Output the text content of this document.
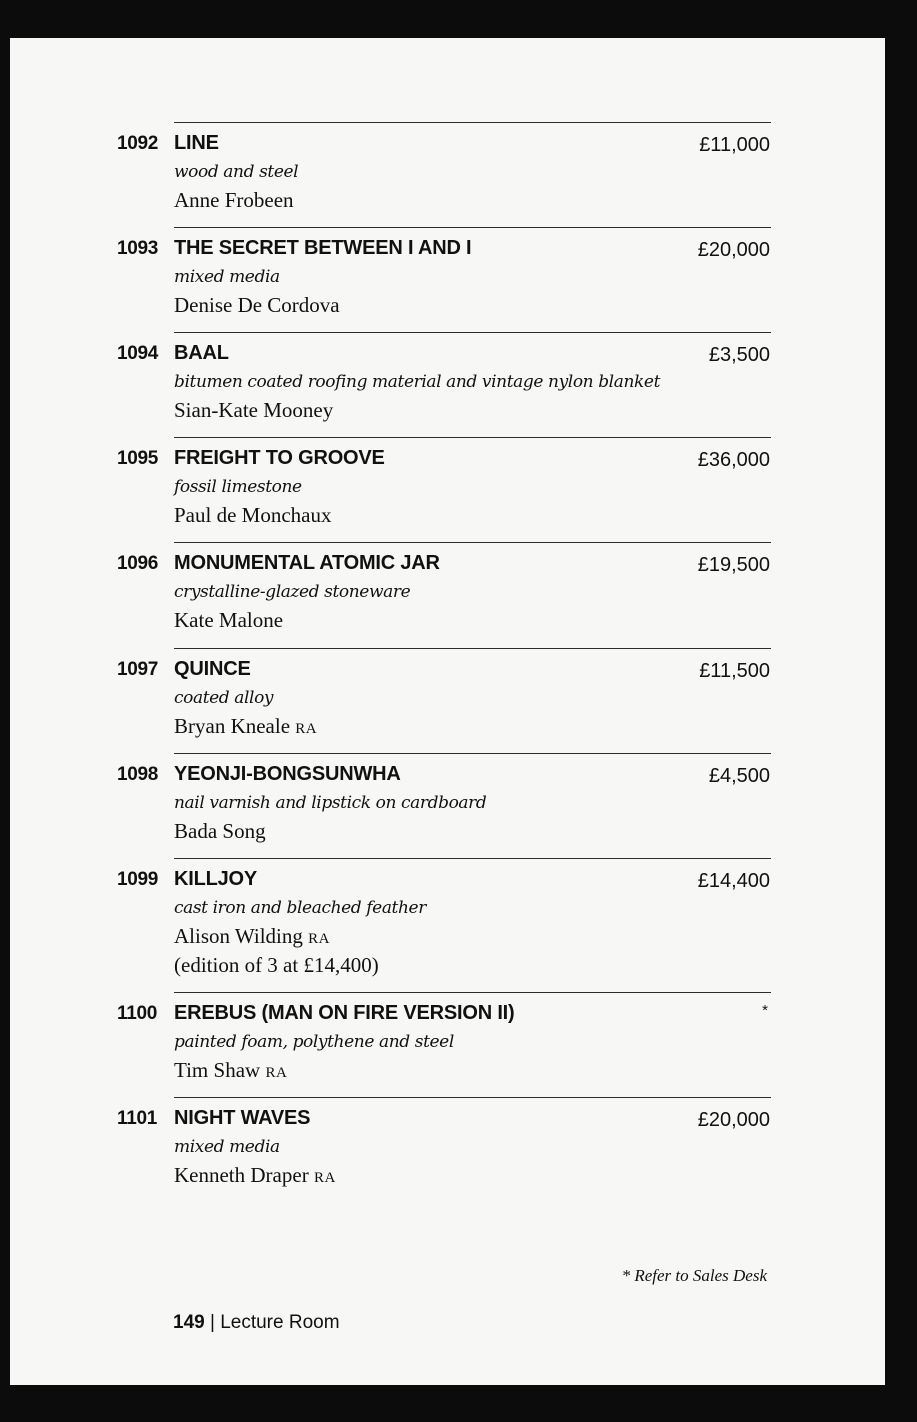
1092 LINE	£11,000
wood and steel
Anne Frobeen
1093 THE SECRET BETWEEN I AND I	£20,000
mixed media
Denise De Cordova
1094 BAAL	£3,500
bitumen coated roofing material and vintage nylon blanket
Sian-Kate Mooney
1095 FREIGHT TO GROOVE	£36,000
fossil limestone
Paul de Monchaux
1096 MONUMENTAL ATOMIC JAR	£19,500
crystalline-glazed stoneware
Kate Malone
1097 QUINCE	£11,500
coated alloy
Bryan Kneale RA
1098 YEONJI-BONGSUNWHA	£4,500
nail varnish and lipstick on cardboard
Bada Song
1099 KILLJOY	£14,400
cast iron and bleached feather
Alison Wilding RA
(edition of 3 at £14,400)
1100 EREBUS (MAN ON FIRE VERSION II)	*
painted foam, polythene and steel
Tim Shaw RA
1101 NIGHT WAVES	£20,000
mixed media
Kenneth Draper RA
* Refer to Sales Desk
149 | Lecture Room
